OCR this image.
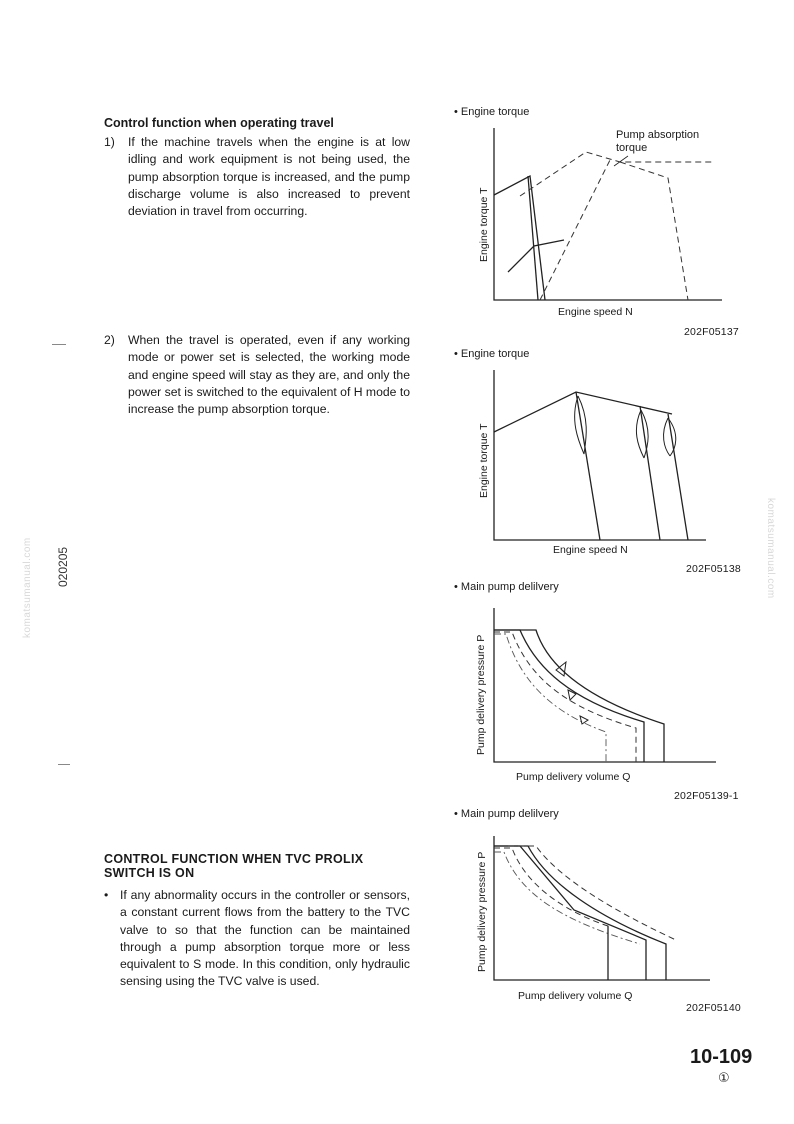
Control function when operating travel
1)	If the machine travels when the engine is at low idling and work equipment is not being used, the pump absorption torque is increased, and the pump discharge volume is also increased to prevent deviation in travel from occurring.
2)	When the travel is operated, even if any working mode or power set is selected, the working mode and engine speed will stay as they are, and only the power set is switched to the equivalent of H mode to increase the pump absorption torque.
CONTROL FUNCTION WHEN TVC PROLIX
SWITCH IS ON
• If any abnormality occurs in the controller or sensors, a constant current flows from the battery to the TVC valve to so that the function can be maintained through a pump absorption torque more or less equivalent to S mode. In this condition, only hydraulic sensing using the TVC valve is used.
020205
komatsumanual.com	komatsumanual.com
• Engine torque
Pump absorption
torque
Engine torque T
Engine speed N
202F05137
• Engine torque
Engine torque T
Engine speed N
202F05138
• Main pump delilvery
Pump delivery pressure P
Pump delivery volume Q
202F05139-1
• Main pump delilvery
Pump delivery pressure P
Pump delivery volume Q
202F05140
10-109
①
